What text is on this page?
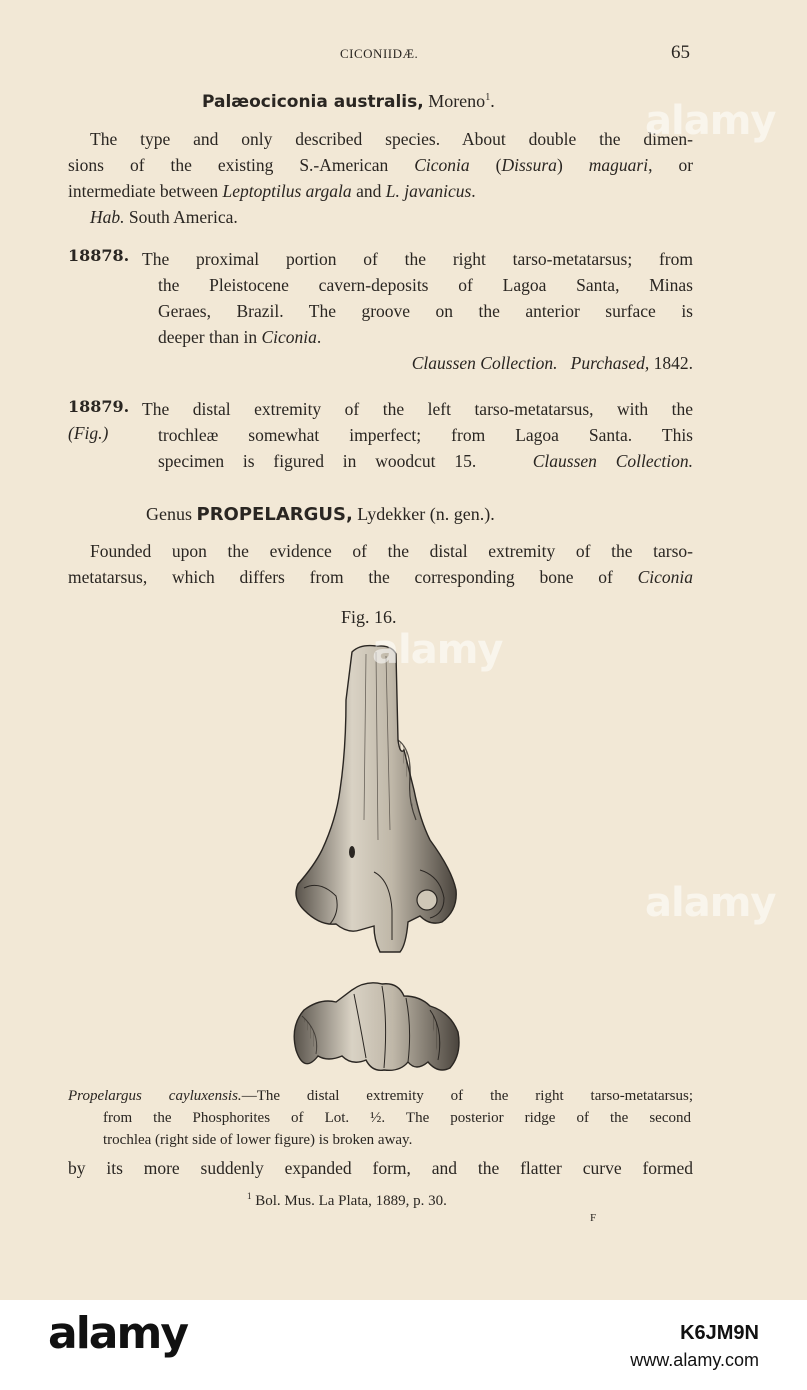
CICONIIDÆ.	65
Palæociconia australis, Moreno$^1$.
The type and only described species. About double the dimen-
sions of the existing S.-American Ciconia (Dissura) maguari, or
intermediate between Leptoptilus argala and L. javanicus.
Hab. South America.
18878. The proximal portion of the right tarso-metatarsus; from
the Pleistocene cavern-deposits of Lagoa Santa, Minas
Geraes, Brazil. The groove on the anterior surface is
deeper than in Ciconia.
Claussen Collection. Purchased, 1842.
18879.
(Fig.)
The distal extremity of the left tarso-metatarsus, with the
trochleæ somewhat imperfect; from Lagoa Santa. This
specimen is figured in woodcut 15.	Claussen Collection.
Genus PROPELARGUS, Lydekker (n. gen.).
Founded upon the evidence of the distal extremity of the tarso-
metatarsus, which differs from the corresponding bone of Ciconia
Fig. 16.
Propelargus cayluxensis.—The distal extremity of the right tarso-metatarsus;
from the Phosphorites of Lot. ½. The posterior ridge of the second
trochlea (right side of lower figure) is broken away.
by its more suddenly expanded form, and the flatter curve formed
$^1$ Bol. Mus. La Plata, 1889, p. 30.
F
alamy
alamy
alamy
alamy	K6JM9N
www.alamy.com
